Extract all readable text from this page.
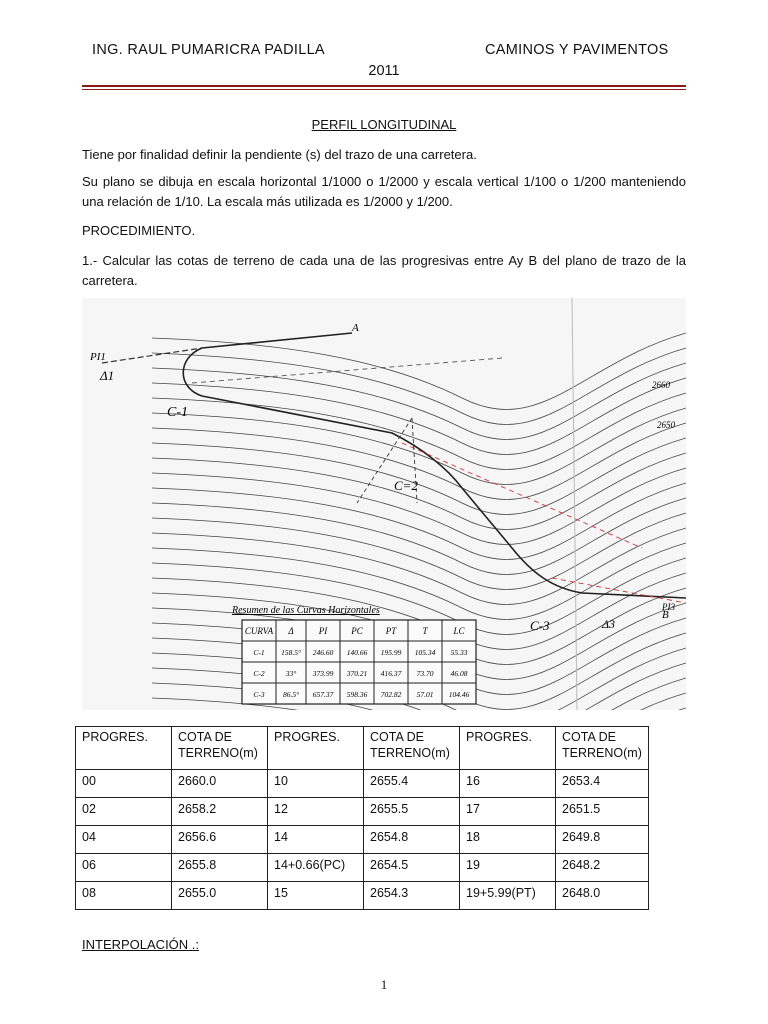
ING. RAUL PUMARICRA PADILLA	CAMINOS Y PAVIMENTOS
2011
PERFIL LONGITUDINAL
Tiene por finalidad definir la pendiente (s) del trazo de una carretera.
Su plano se dibuja en escala horizontal 1/1000 o 1/2000 y escala vertical 1/100 o 1/200 manteniendo una relación de 1/10. La escala más utilizada es 1/2000 y 1/200.
PROCEDIMIENTO.
1.- Calcular las cotas de terreno de cada una de las progresivas entre Ay B del plano de trazo de la carretera.
PI1
Δ1
A
B
C-1
C=2
C-3	Δ3
PI3
2660
2650
Resumen de las Curvas Horizontales
CURVA Δ	PI	PC	PT	T	LC
C-1 158.5° 246.60 140.66 195.99 105.34 55.33
C-2	33° 373.99 370.21 416.37 73.70 46.08
C-3 86.5° 657.37 598.36 702.82 57.01 104.46
PROGRES.	COTA DE TERRENO(m)	PROGRES.	COTA DE TERRENO(m)	PROGRES.	COTA DE TERRENO(m)
00	2660.0	10	2655.4	16	2653.4
02	2658.2	12	2655.5	17	2651.5
04	2656.6	14	2654.8	18	2649.8
06	2655.8	14+0.66(PC)	2654.5	19	2648.2
08	2655.0	15	2654.3	19+5.99(PT)	2648.0
INTERPOLACIÓN .:
1
